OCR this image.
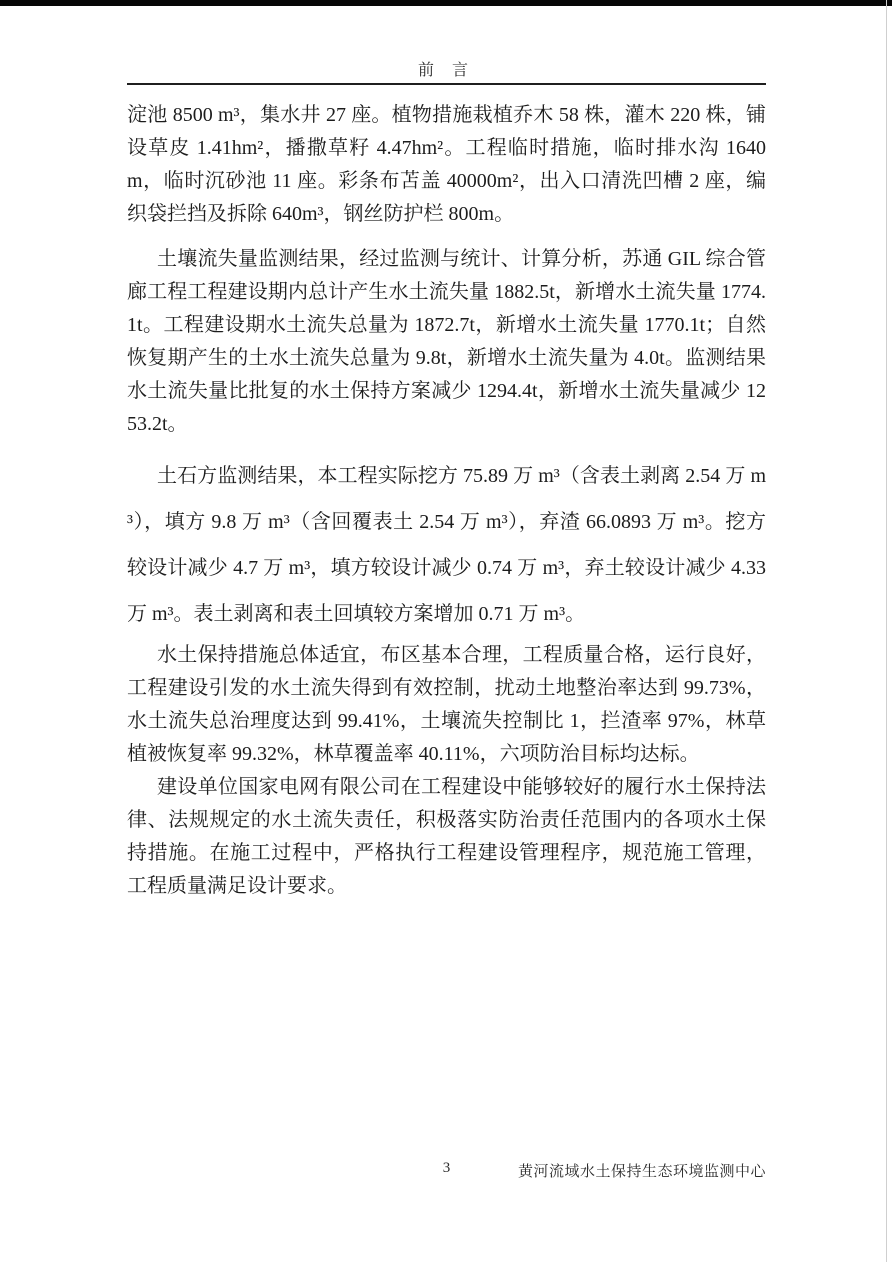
前 言

淀池 8500 m³，集水井 27 座。植物措施栽植乔木 58 株，灌木 220 株，铺设草皮 1.41hm²，播撒草籽 4.47hm²。工程临时措施，临时排水沟 1640m，临时沉砂池 11 座。彩条布苫盖 40000m²，出入口清洗凹槽 2 座，编织袋拦挡及拆除 640m³，钢丝防护栏 800m。

土壤流失量监测结果，经过监测与统计、计算分析，苏通 GIL 综合管廊工程工程建设期内总计产生水土流失量 1882.5t，新增水土流失量 1774.1t。工程建设期水土流失总量为 1872.7t，新增水土流失量 1770.1t；自然恢复期产生的土水土流失总量为 9.8t，新增水土流失量为 4.0t。监测结果水土流失量比批复的水土保持方案减少 1294.4t，新增水土流失量减少 1253.2t。

土石方监测结果，本工程实际挖方 75.89 万 m³（含表土剥离 2.54 万 m³），填方 9.8 万 m³（含回覆表土 2.54 万 m³），弃渣 66.0893 万 m³。挖方较设计减少 4.7 万 m³，填方较设计减少 0.74 万 m³，弃土较设计减少 4.33 万 m³。表土剥离和表土回填较方案增加 0.71 万 m³。

水土保持措施总体适宜，布区基本合理，工程质量合格，运行良好，工程建设引发的水土流失得到有效控制，扰动土地整治率达到 99.73%，水土流失总治理度达到 99.41%，土壤流失控制比 1，拦渣率 97%，林草植被恢复率 99.32%，林草覆盖率 40.11%，六项防治目标均达标。

建设单位国家电网有限公司在工程建设中能够较好的履行水土保持法律、法规规定的水土流失责任，积极落实防治责任范围内的各项水土保持措施。在施工过程中，严格执行工程建设管理程序，规范施工管理，工程质量满足设计要求。

3	黄河流域水土保持生态环境监测中心
